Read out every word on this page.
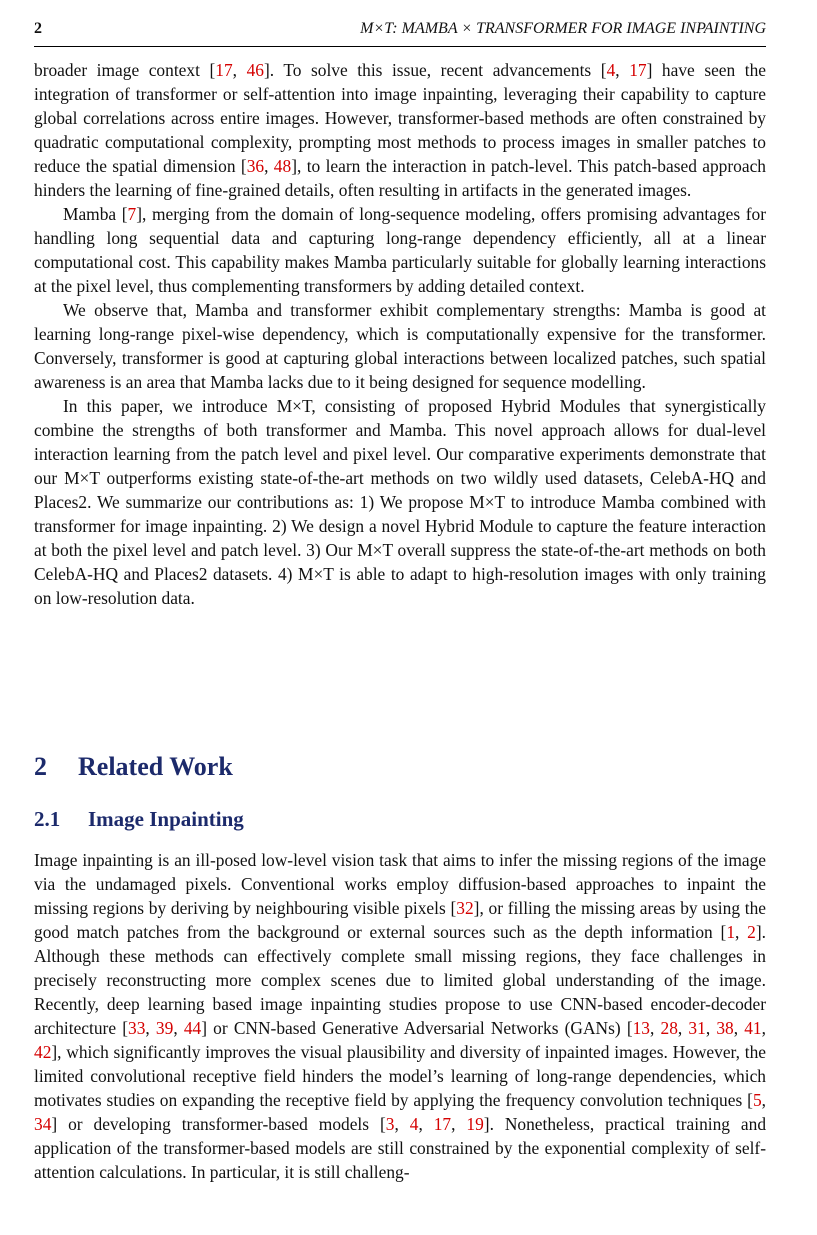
2	M×T: MAMBA × TRANSFORMER FOR IMAGE INPAINTING

broader image context [17, 46]. To solve this issue, recent advancements [4, 17] have seen the integration of transformer or self-attention into image inpainting, leveraging their capability to capture global correlations across entire images. However, transformer-based methods are often constrained by quadratic computational complexity, prompting most methods to process images in smaller patches to reduce the spatial dimension [36, 48], to learn the interaction in patch-level. This patch-based approach hinders the learning of fine-grained details, often resulting in artifacts in the generated images.

Mamba [7], merging from the domain of long-sequence modeling, offers promising advantages for handling long sequential data and capturing long-range dependency efficiently, all at a linear computational cost. This capability makes Mamba particularly suitable for globally learning interactions at the pixel level, thus complementing transformers by adding detailed context.

We observe that, Mamba and transformer exhibit complementary strengths: Mamba is good at learning long-range pixel-wise dependency, which is computationally expensive for the transformer. Conversely, transformer is good at capturing global interactions between localized patches, such spatial awareness is an area that Mamba lacks due to it being designed for sequence modelling.

In this paper, we introduce M×T, consisting of proposed Hybrid Modules that synergistically combine the strengths of both transformer and Mamba. This novel approach allows for dual-level interaction learning from the patch level and pixel level. Our comparative experiments demonstrate that our M×T outperforms existing state-of-the-art methods on two wildly used datasets, CelebA-HQ and Places2. We summarize our contributions as: 1) We propose M×T to introduce Mamba combined with transformer for image inpainting. 2) We design a novel Hybrid Module to capture the feature interaction at both the pixel level and patch level. 3) Our M×T overall suppress the state-of-the-art methods on both CelebA-HQ and Places2 datasets. 4) M×T is able to adapt to high-resolution images with only training on low-resolution data.

2 Related Work
2.1 Image Inpainting

Image inpainting is an ill-posed low-level vision task that aims to infer the missing regions of the image via the undamaged pixels. Conventional works employ diffusion-based approaches to inpaint the missing regions by deriving by neighbouring visible pixels [32], or filling the missing areas by using the good match patches from the background or external sources such as the depth information [1, 2]. Although these methods can effectively complete small missing regions, they face challenges in precisely reconstructing more complex scenes due to limited global understanding of the image. Recently, deep learning based image inpainting studies propose to use CNN-based encoder-decoder architecture [33, 39, 44] or CNN-based Generative Adversarial Networks (GANs) [13, 28, 31, 38, 41, 42], which significantly improves the visual plausibility and diversity of inpainted images. However, the limited convolutional receptive field hinders the model’s learning of long-range dependencies, which motivates studies on expanding the receptive field by applying the frequency convolution techniques [5, 34] or developing transformer-based models [3, 4, 17, 19]. Nonetheless, practical training and application of the transformer-based models are still constrained by the exponential complexity of self-attention calculations. In particular, it is still challeng-
